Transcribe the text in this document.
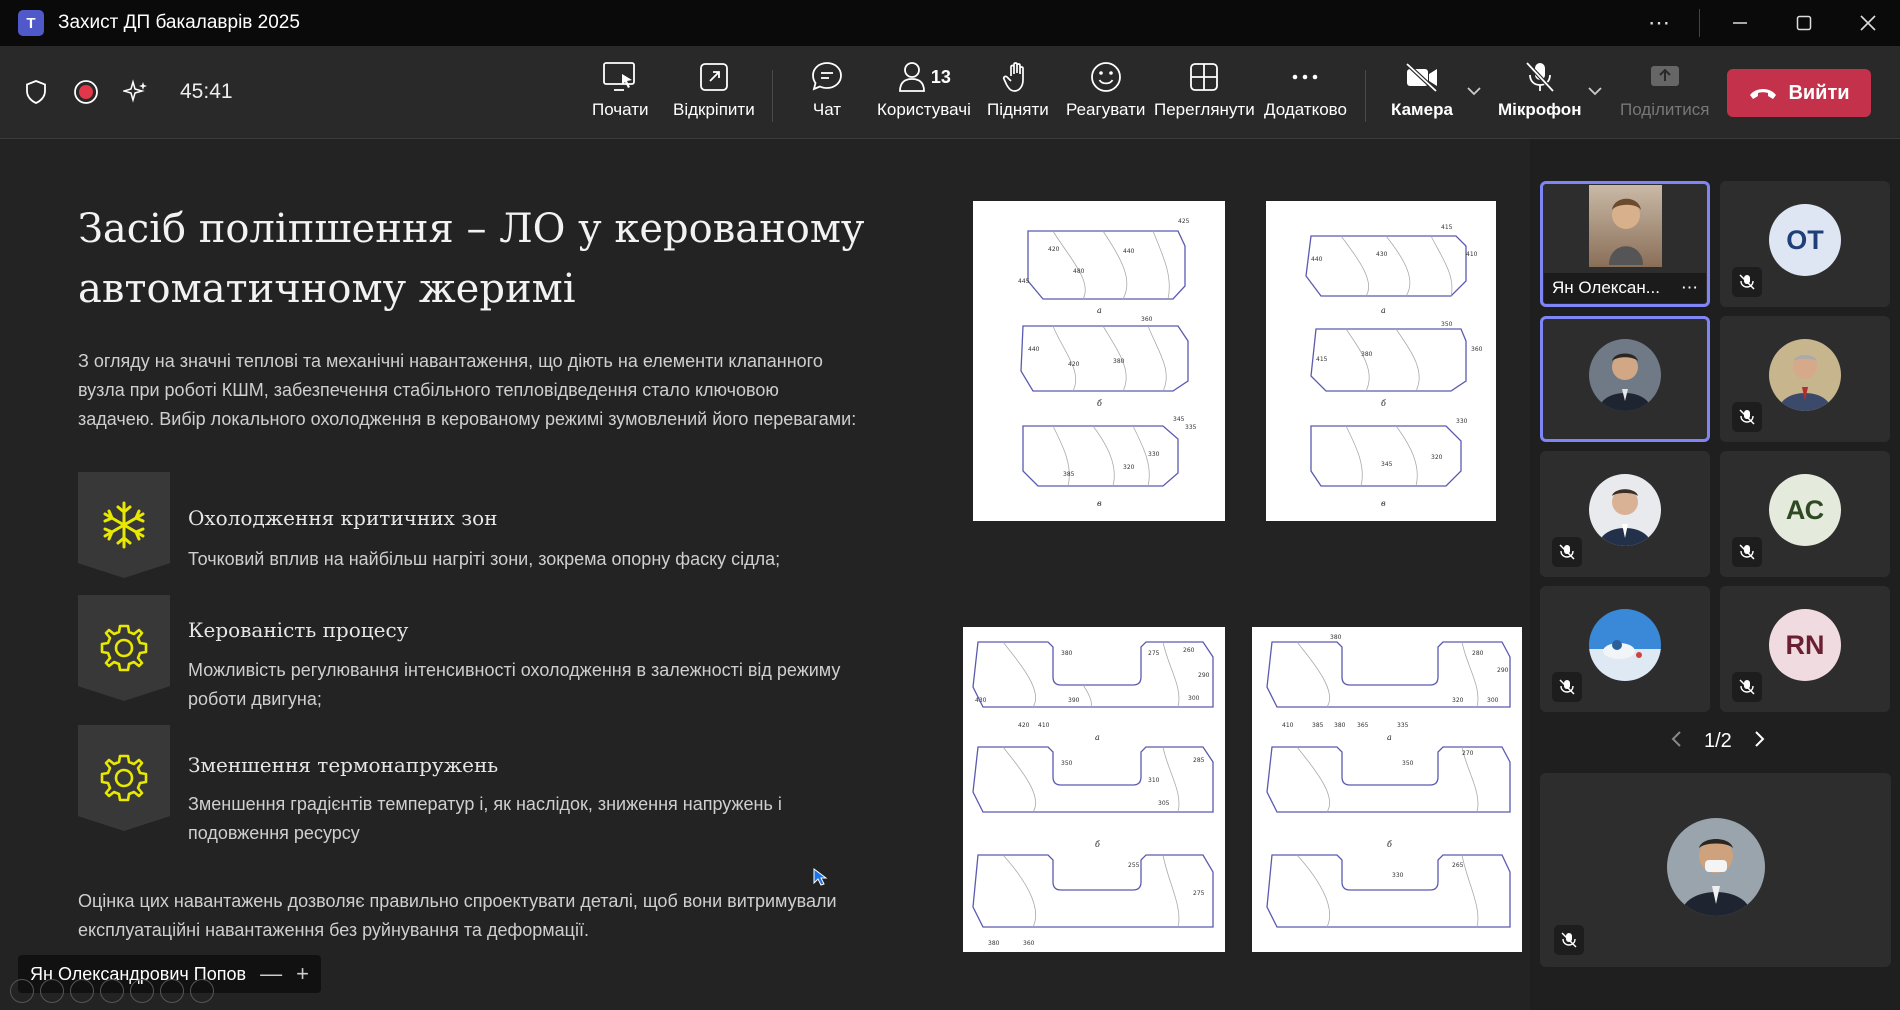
T	Захист ДП бакалаврів 2025	⋯
45:41
Почати Відкріпити	Чат
13
Користувачі Підняти Реагувати Переглянути Додатково	Камера	Мікрофон Поділитися
Вийти
Засіб поліпшення – ЛО у керованому автоматичному жеримі
З огляду на значні теплові та механічні навантаження, що діють на елементи клапанного вузла при роботі КШМ, забезпечення стабільного тепловідведення стало ключовою задачею. Вибір локального охолодження в керованому режимі зумовлений його перевагами:
Охолодження критичних зон
Точковий вплив на найбільш нагріті зони, зокрема опорну фаску сідла;
Керованість процесу
Можливість регулювання інтенсивності охолодження в залежності від режиму роботи двигуна;
Зменшення термонапружень
Зменшення градієнтів температур і, як наслідок, зниження напружень і подовження ресурсу
Оцінка цих навантажень дозволяє правильно спроектувати деталі, щоб вони витримували експлуатаційні навантаження без руйнування та деформації.
425
420	440
480
445
440
420	380
360
345
330
320
335
385
а
б
в
415
410
430
440
415
380
350
360
330
345
320
а
б
в
380	275	260
290
300
430
420 410
390
350
310
285
305
255
275
380	360
а
б
380
280
290
320	300
410	385 380 365	335
270
350
330
265
а
б
Ян Олександрович Попов — +
Ян Олексан... ⋯
ОТ
АС
RN
1/2
